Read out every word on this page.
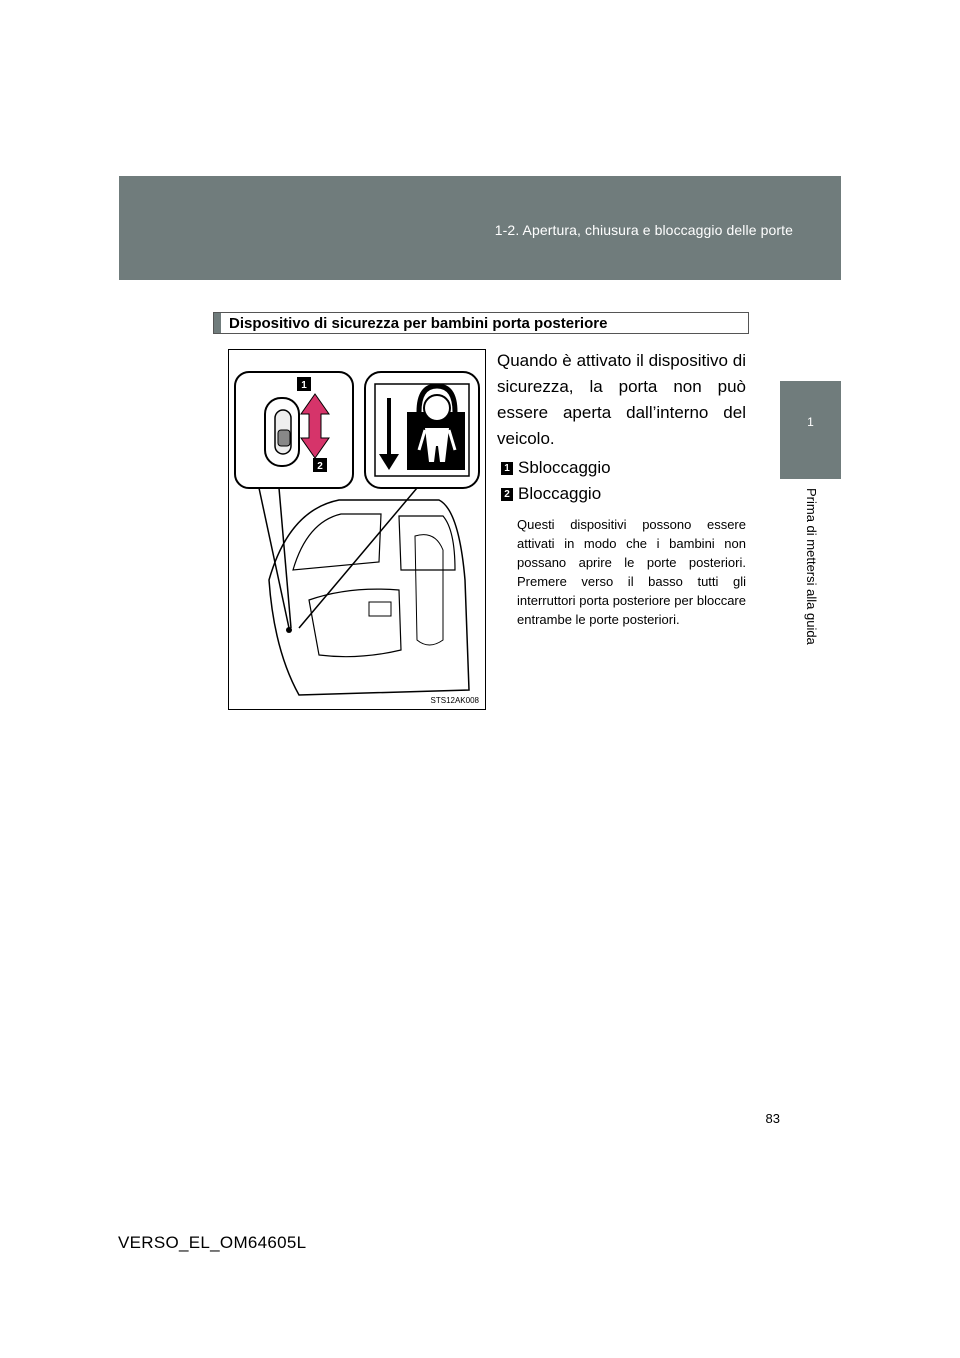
1-2. Apertura, chiusura e bloccaggio delle porte
1
Prima di mettersi alla guida
Dispositivo di sicurezza per bambini porta posteriore
1
2
STS12AK008

Quando è attivato il dispositivo di sicurezza, la porta non può essere aperta dall’interno del veicolo.

1 Sbloccaggio
2 Bloccaggio

Questi dispositivi possono essere attivati in modo che i bambini non possano aprire le porte posteriori. Premere verso il basso tutti gli interruttori porta posteriore per bloccare entrambe le porte posteriori.

83
VERSO_EL_OM64605L
